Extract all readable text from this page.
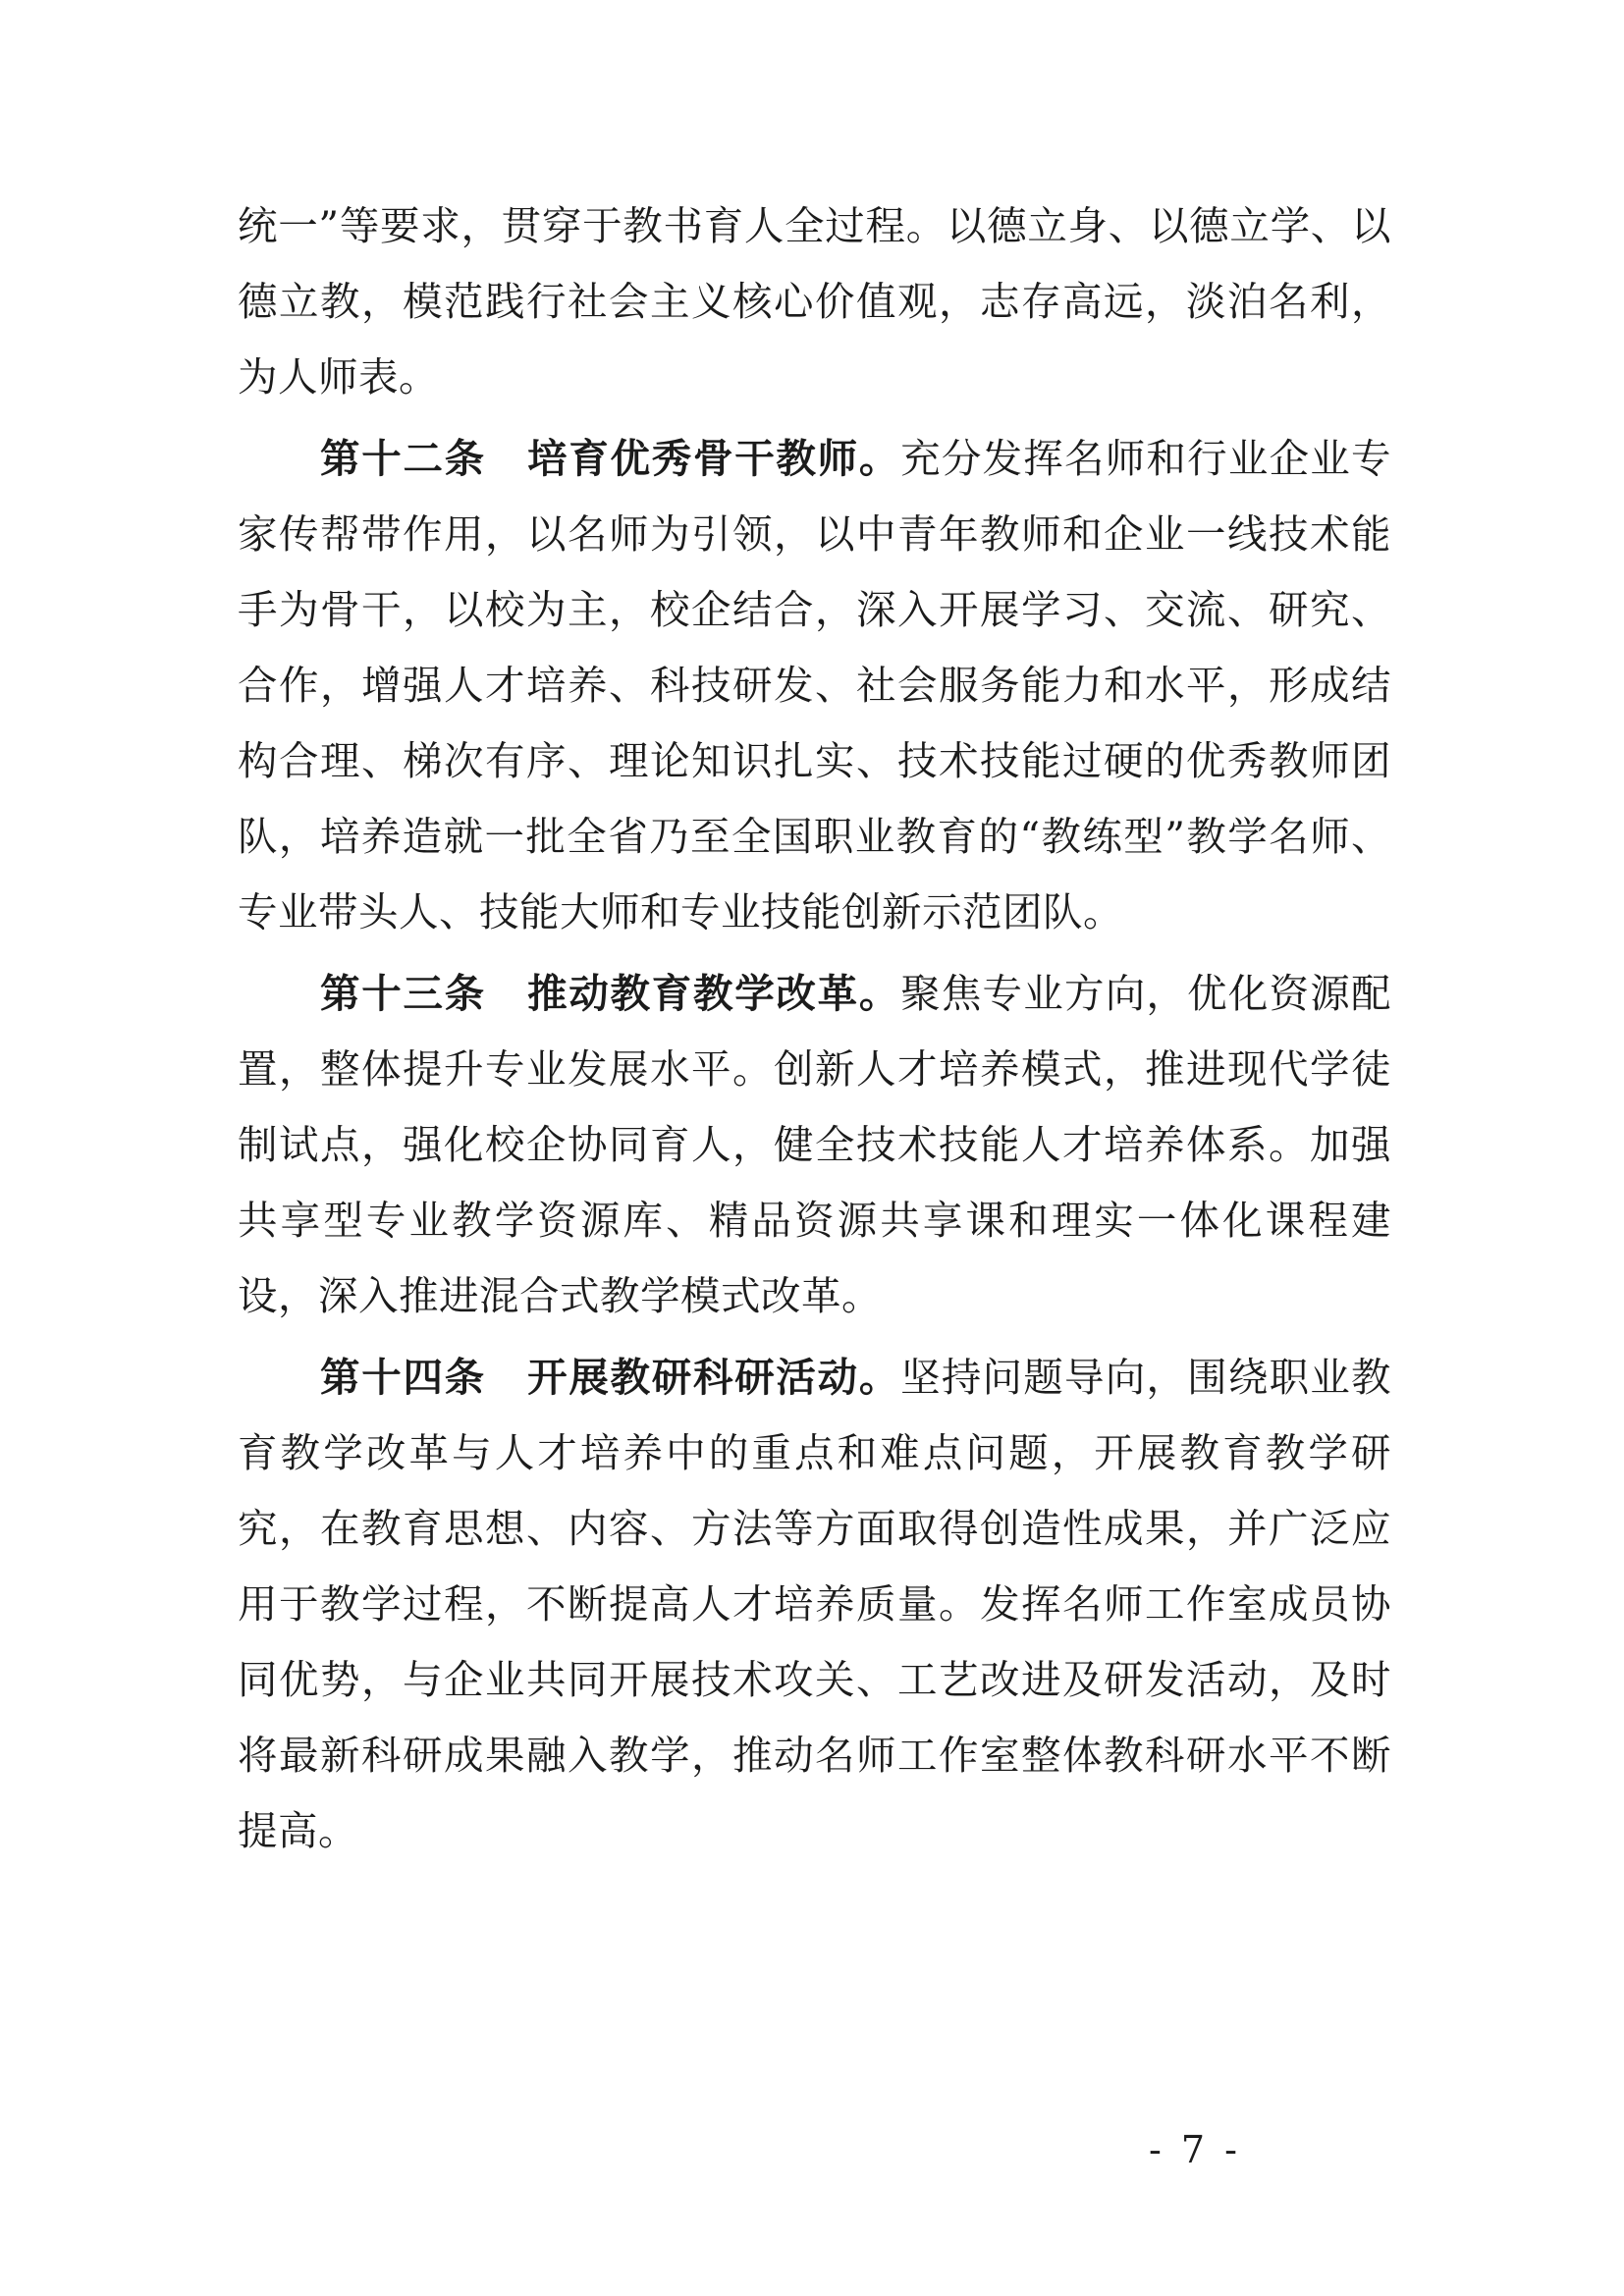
统一”等要求，贯穿于教书育人全过程。以德立身、以德立学、以德立教，模范践行社会主义核心价值观，志存高远，淡泊名利，为人师表。

第十二条　培育优秀骨干教师。充分发挥名师和行业企业专家传帮带作用，以名师为引领，以中青年教师和企业一线技术能手为骨干，以校为主，校企结合，深入开展学习、交流、研究、合作，增强人才培养、科技研发、社会服务能力和水平，形成结构合理、梯次有序、理论知识扎实、技术技能过硬的优秀教师团队，培养造就一批全省乃至全国职业教育的“教练型”教学名师、专业带头人、技能大师和专业技能创新示范团队。

第十三条　推动教育教学改革。聚焦专业方向，优化资源配置，整体提升专业发展水平。创新人才培养模式，推进现代学徒制试点，强化校企协同育人，健全技术技能人才培养体系。加强共享型专业教学资源库、精品资源共享课和理实一体化课程建设，深入推进混合式教学模式改革。

第十四条　开展教研科研活动。坚持问题导向，围绕职业教育教学改革与人才培养中的重点和难点问题，开展教育教学研究，在教育思想、内容、方法等方面取得创造性成果，并广泛应用于教学过程，不断提高人才培养质量。发挥名师工作室成员协同优势，与企业共同开展技术攻关、工艺改进及研发活动，及时将最新科研成果融入教学，推动名师工作室整体教科研水平不断提高。

- 7 -
